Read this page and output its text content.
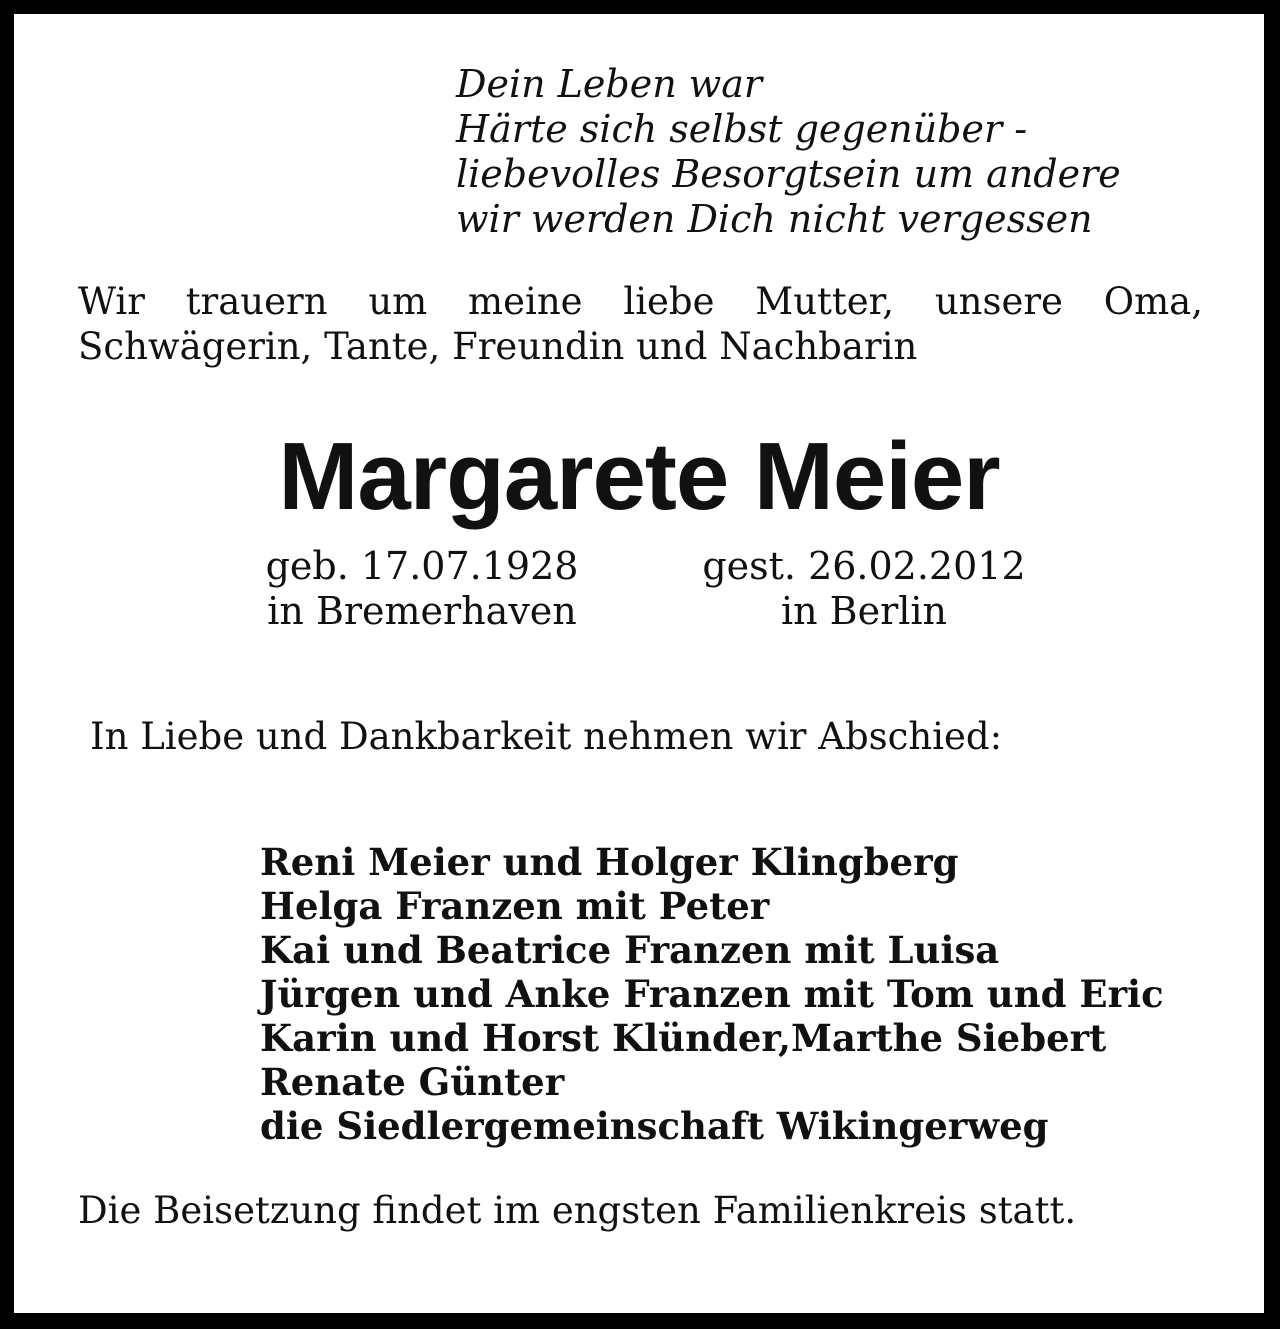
Dein Leben war
Härte sich selbst gegenüber -
liebevolles Besorgtsein um andere
wir werden Dich nicht vergessen
Wir trauern um meine liebe Mutter, unsere Oma,
Schwägerin, Tante, Freundin und Nachbarin
Margarete Meier
geb. 17.07.1928
in Bremerhaven
gest. 26.02.2012
in Berlin
In Liebe und Dankbarkeit nehmen wir Abschied:
Reni Meier und Holger Klingberg
Helga Franzen mit Peter
Kai und Beatrice Franzen mit Luisa
Jürgen und Anke Franzen mit Tom und Eric
Karin und Horst Klünder,Marthe Siebert
Renate Günter
die Siedlergemeinschaft Wikingerweg
Die Beisetzung findet im engsten Familienkreis statt.
